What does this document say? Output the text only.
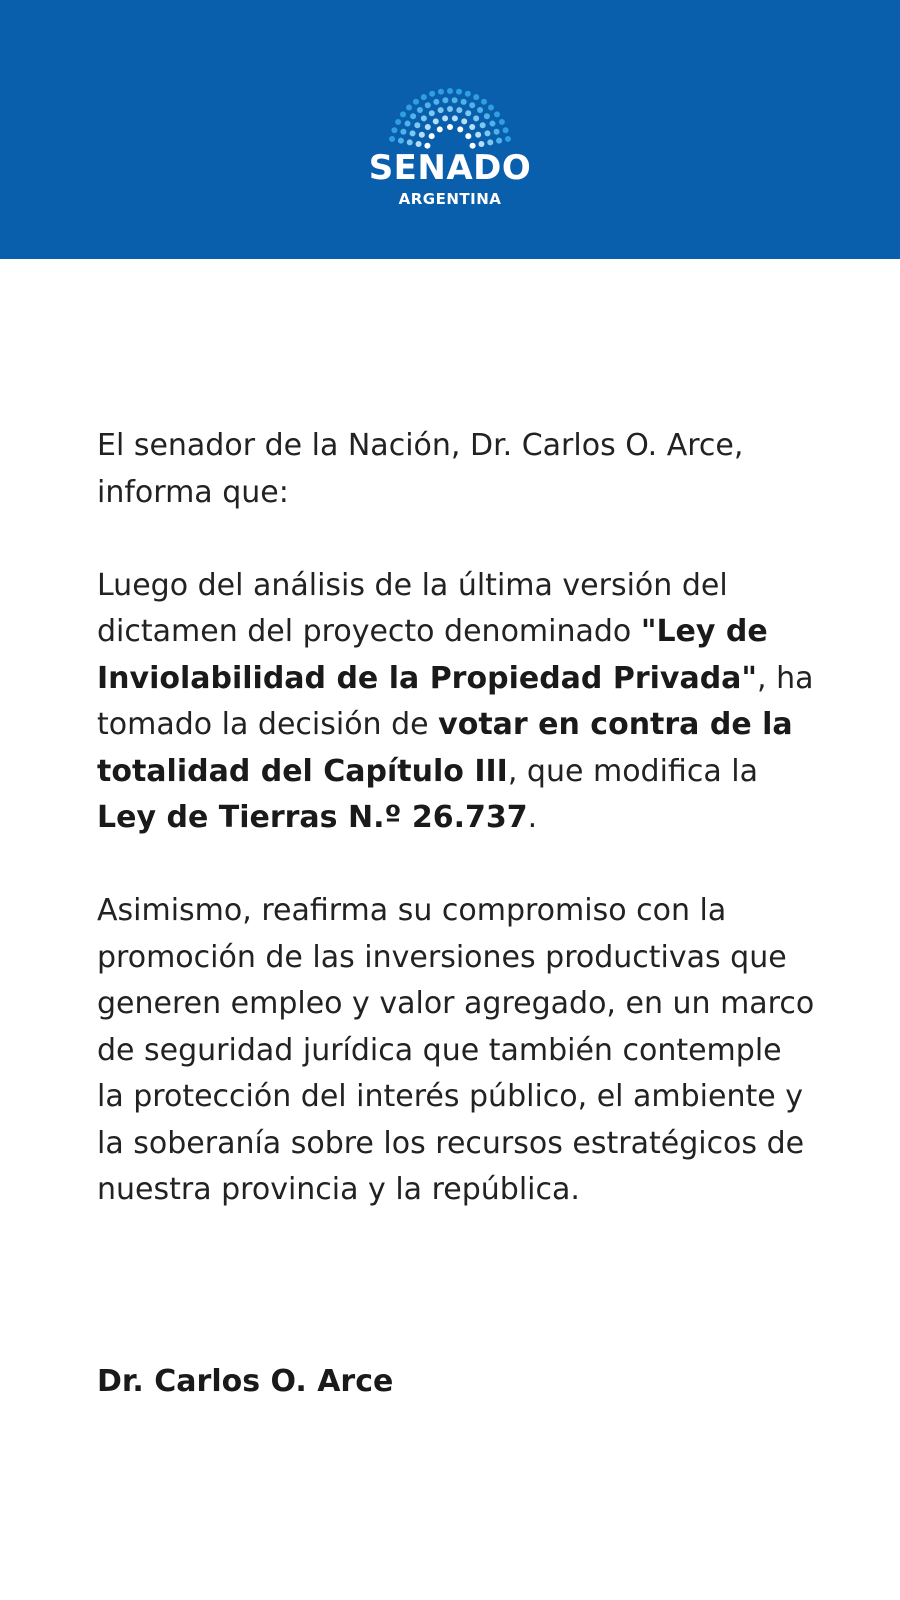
SENADO
ARGENTINA

El senador de la Nación, Dr. Carlos O. Arce,
informa que:

Luego del análisis de la última versión del dictamen del proyecto denominado "Ley de Inviolabilidad de la Propiedad Privada", ha tomado la decisión de votar en contra de la totalidad del Capítulo III, que modifica la Ley de Tierras N.º 26.737.

Asimismo, reafirma su compromiso con la promoción de las inversiones productivas que generen empleo y valor agregado, en un marco de seguridad jurídica que también contemple la protección del interés público, el ambiente y la soberanía sobre los recursos estratégicos de nuestra provincia y la república.

Dr. Carlos O. Arce
